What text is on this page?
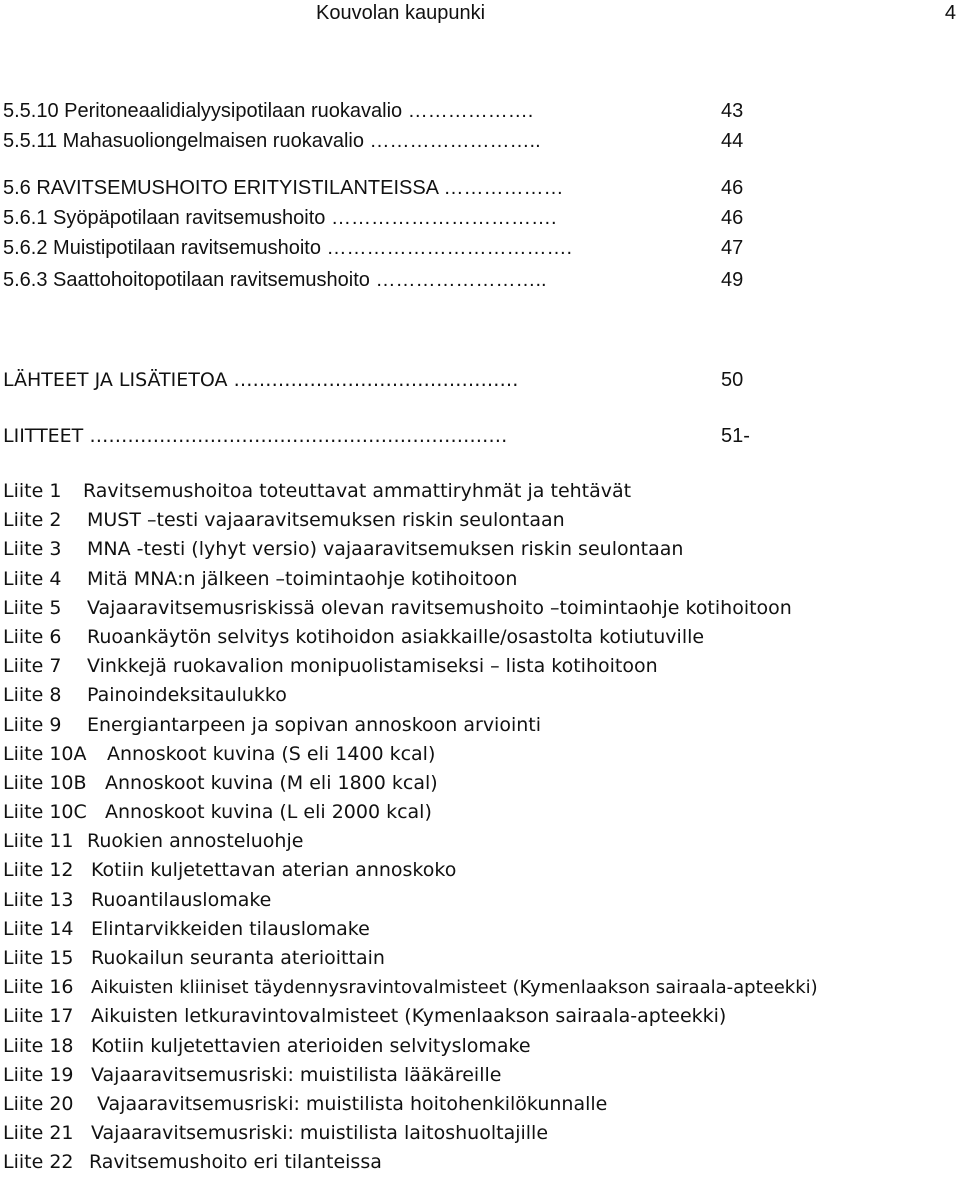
Kouvolan kaupunki	4
5.5.10 Peritoneaalidialyysipotilaan ruokavalio ……………….	43
5.5.11 Mahasuoliongelmaisen ruokavalio ……………………..	44
5.6 RAVITSEMUSHOITO ERITYISTILANTEISSA ………………	46
5.6.1 Syöpäpotilaan ravitsemushoito …………………………….	46
5.6.2 Muistipotilaan ravitsemushoito ……………………………….	47
5.6.3 Saattohoitopotilaan ravitsemushoito ……………………..	49
LÄHTEET JA LISÄTIETOA ………………………………………	50
LIITTEET …………………………………………………………	51-
Liite 1 Ravitsemushoitoa toteuttavat ammattiryhmät ja tehtävät
Liite 2 MUST –testi vajaaravitsemuksen riskin seulontaan
Liite 3 MNA -testi (lyhyt versio) vajaaravitsemuksen riskin seulontaan
Liite 4 Mitä MNA:n jälkeen –toimintaohje kotihoitoon
Liite 5 Vajaaravitsemusriskissä olevan ravitsemushoito –toimintaohje kotihoitoon
Liite 6 Ruoankäytön selvitys kotihoidon asiakkaille/osastolta kotiutuville
Liite 7 Vinkkejä ruokavalion monipuolistamiseksi – lista kotihoitoon
Liite 8 Painoindeksitaulukko
Liite 9 Energiantarpeen ja sopivan annoskoon arviointi
Liite 10A Annoskoot kuvina (S eli 1400 kcal)
Liite 10B Annoskoot kuvina (M eli 1800 kcal)
Liite 10C Annoskoot kuvina (L eli 2000 kcal)
Liite 11 Ruokien annosteluohje
Liite 12 Kotiin kuljetettavan aterian annoskoko
Liite 13 Ruoantilauslomake
Liite 14 Elintarvikkeiden tilauslomake
Liite 15 Ruokailun seuranta aterioittain
Liite 16 Aikuisten kliiniset täydennysravintovalmisteet (Kymenlaakson sairaala-apteekki)
Liite 17 Aikuisten letkuravintovalmisteet (Kymenlaakson sairaala-apteekki)
Liite 18 Kotiin kuljetettavien aterioiden selvityslomake
Liite 19 Vajaaravitsemusriski: muistilista lääkäreille
Liite 20 Vajaaravitsemusriski: muistilista hoitohenkilökunnalle
Liite 21 Vajaaravitsemusriski: muistilista laitoshuoltajille
Liite 22 Ravitsemushoito eri tilanteissa
